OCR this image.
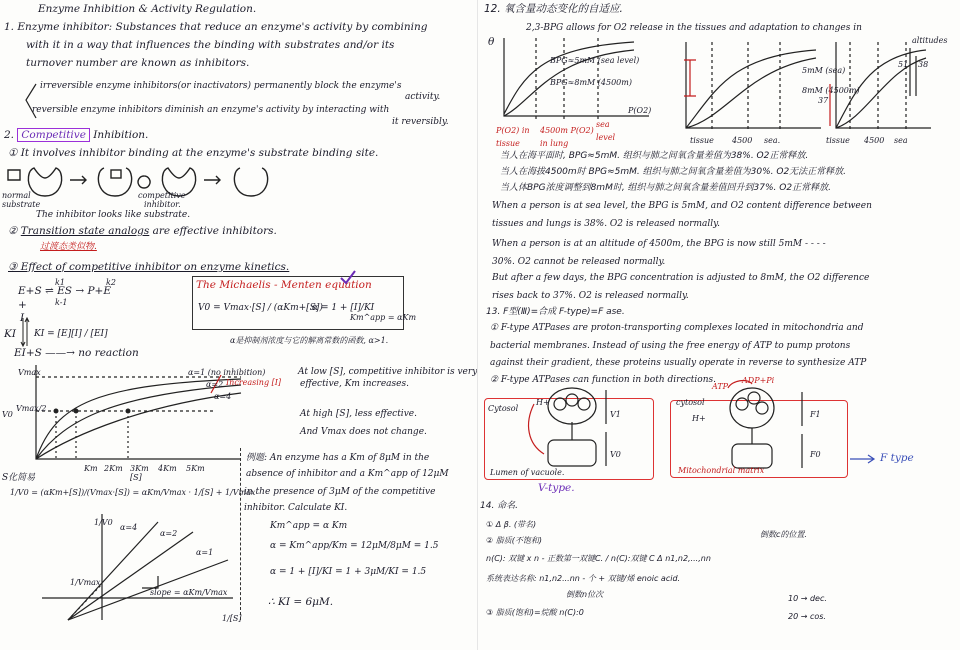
Enzyme Inhibition & Activity Regulation.
1. Enzyme inhibitor: Substances that reduce an enzyme's activity by combining
with it in a way that influences the binding with substrates and/or its
turnover number are known as inhibitors.
irreversible enzyme inhibitors(or inactivators) permanently block the enzyme's
activity.
reversible enzyme inhibitors diminish an enzyme's activity by interacting with
it reversibly.
2. Competitive Inhibition.
① It involves inhibitor binding at the enzyme's substrate binding site.
normal
substrate
competitive
inhibitor.
The inhibitor looks like substrate.
② Transition state analogs are effective inhibitors.
过渡态类似物.
③ Effect of competitive inhibitor on enzyme kinetics.
E+S ⇌ ES → P+E
k1
k-1
k2
+
I
KI KI = [E][I] / [EI]
EI+S ——→ no reaction
The Michaelis - Menten equation
V0 = Vmax·[S] / (αKm+[S])
α = 1 + [I]/KI
Km^app = αKm
α是抑制剂浓度与它的解离常数的函数, α>1.
Vmax
Vmax/2
V0
α=1 (no inhibition)
α=2
α=4
Increasing [I]
Km 2Km 3Km 4Km 5Km
[S]
At low [S], competitive inhibitor is very
effective, Km increases.
At high [S], less effective.
And Vmax does not change.
S化简易
1/V0 = (αKm+[S])/(Vmax·[S]) = αKm/Vmax · 1/[S] + 1/Vmax
1/V0
α=4
α=2
α=1
1/Vmax
slope = αKm/Vmax
1/[S]
例题: An enzyme has a Km of 8μM in the
absence of inhibitor and a Km^app of 12μM
in the presence of 3μM of the competitive
inhibitor. Calculate KI.
Km^app = α Km
α = Km^app/Km = 12μM/8μM = 1.5
α = 1 + [I]/KI = 1 + 3μM/KI = 1.5
∴ KI = 6μM.
12. 氧含量动态变化的自适应.
2,3-BPG allows for O2 release in the tissues and adaptation to changes in
altitudes
θ
BPG≈5mM (sea level)
BPG≈8mM (4500m)
P(O2)
P(O2) in tissue
4500m P(O2) in lung
sea level
5mM (sea)
8mM (4500m)
tissue 4500 sea.
51 38
37
tissue 4500 sea
当人在海平面时, BPG≈5mM. 组织与肺之间氧含量差值为38%. O2正常释放.
当人在海拔4500m时 BPG≈5mM. 组织与肺之间氧含量差值为30%. O2无法正常释放.
当人体BPG浓度调整到8mM时, 组织与肺之间氧含量差值回升到37%. O2正常释放.
When a person is at sea level, the BPG is 5mM, and O2 content difference between
tissues and lungs is 38%. O2 is released normally.
When a person is at an altitude of 4500m, the BPG is now still 5mM - - - -
30%. O2 cannot be released normally.
But after a few days, the BPG concentration is adjusted to 8mM, the O2 difference
rises back to 37%. O2 is released normally.
13. F型(Ⅲ)=合成 F-type)=F ase.
① F-type ATPases are proton-transporting complexes located in mitochondria and
bacterial membranes. Instead of using the free energy of ATP to pump protons
against their gradient, these proteins usually operate in reverse to synthesize ATP
② F-type ATPases can function in both directions.
Cytosol
H+
V1
V0
Lumen of vacuole.
V-type.
cytosol
ATP
ADP+Pi
H+	F1
F0
Mitochondrial matrix
F type
14. 命名.
① Δ β. (带名)
② 脂质(不饱和)
倒数c的位置.
n(C): 双键 x n - 正数第一双键C. / n(C):双键 C Δ n1,n2,...,nn
系统表达名称: n1,n2...nn - 个 + 双键/烯 enoic acid.
倒数n位次
③ 脂质(饱和)=烷酸 n(C):0
10 → dec.
20 → cos.
